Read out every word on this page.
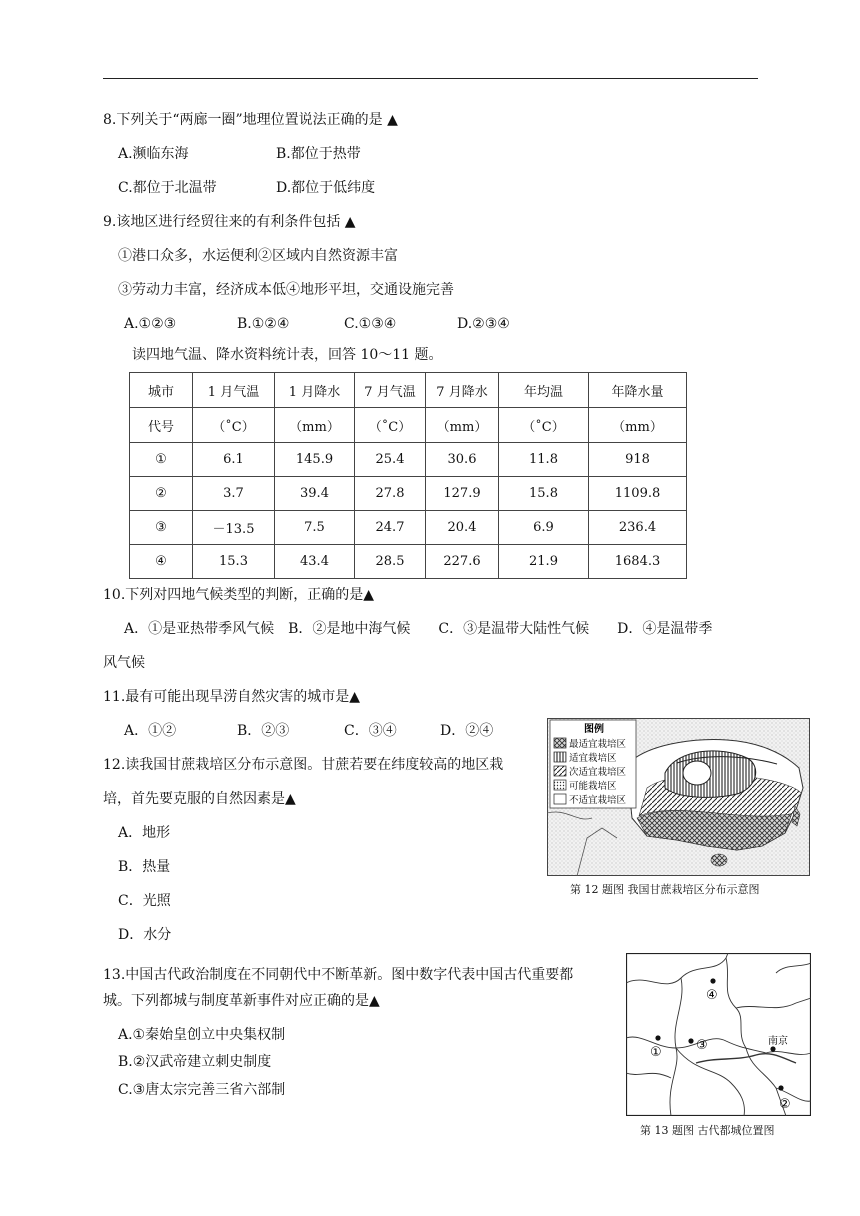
8.下列关于“两廊一圈”地理位置说法正确的是 ▲
A.濒临东海	B.都位于热带
C.都位于北温带	D.都位于低纬度
9.该地区进行经贸往来的有利条件包括 ▲
①港口众多，水运便利②区域内自然资源丰富
③劳动力丰富，经济成本低④地形平坦，交通设施完善
A.①②③	B.①②④	C.①③④	D.②③④
读四地气温、降水资料统计表，回答 10～11 题。
城市	1 月气温	1 月降水	7 月气温	7 月降水	年均温	年降水量
代号	（˚C）	（mm）	（˚C）	（mm）	（˚C）	（mm）
①	6.1	145.9	25.4	30.6	11.8	918
②	3.7	39.4	27.8	127.9	15.8	1109.8
③	－13.5	7.5	24.7	20.4	6.9	236.4
④	15.3	43.4	28.5	227.6	21.9	1684.3
10.下列对四地气候类型的判断，正确的是▲
A．①是亚热带季风气候　B．②是地中海气候　　C．③是温带大陆性气候　　D．④是温带季
风气候
11.最有可能出现旱涝自然灾害的城市是▲
A．①②	B．②③	C．③④	D．②④
12.读我国甘蔗栽培区分布示意图。甘蔗若要在纬度较高的地区栽
培，首先要克服的自然因素是▲
A．地形
B．热量
C．光照
D．水分
图例
最适宜栽培区
适宜栽培区
次适宜栽培区
可能栽培区
不适宜栽培区
第 12 题图 我国甘蔗栽培区分布示意图
13.中国古代政治制度在不同朝代中不断革新。图中数字代表中国古代重要都
城。下列都城与制度革新事件对应正确的是▲
A.①秦始皇创立中央集权制
B.②汉武帝建立刺史制度
C.③唐太宗完善三省六部制
④
①	③	南京
②
第 13 题图 古代都城位置图
